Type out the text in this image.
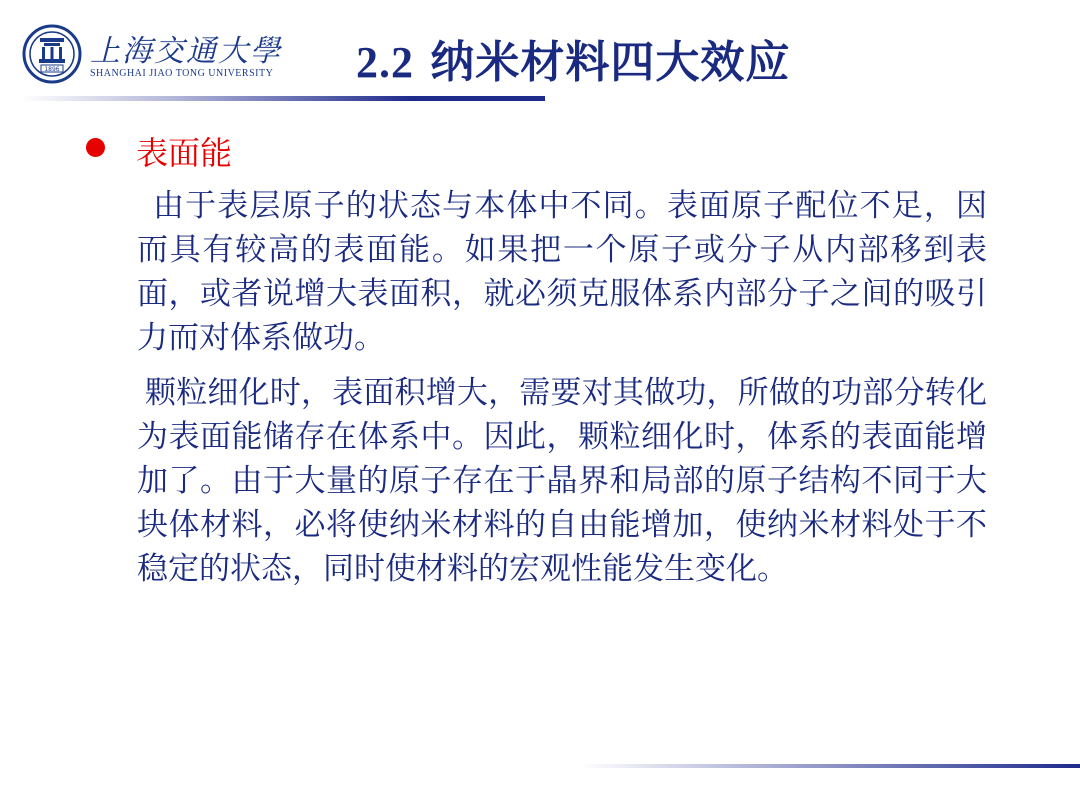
1896
上海交通大學
SHANGHAI JIAO TONG UNIVERSITY 2.2 纳米材料四大效应
表面能

由于表层原子的状态与本体中不同。表面原子配位不足，因而具有较高的表面能。如果把一个原子或分子从内部移到表面，或者说增大表面积，就必须克服体系内部分子之间的吸引力而对体系做功。

颗粒细化时，表面积增大，需要对其做功，所做的功部分转化为表面能储存在体系中。因此，颗粒细化时，体系的表面能增加了。由于大量的原子存在于晶界和局部的原子结构不同于大块体材料，必将使纳米材料的自由能增加，使纳米材料处于不稳定的状态，同时使材料的宏观性能发生变化。
